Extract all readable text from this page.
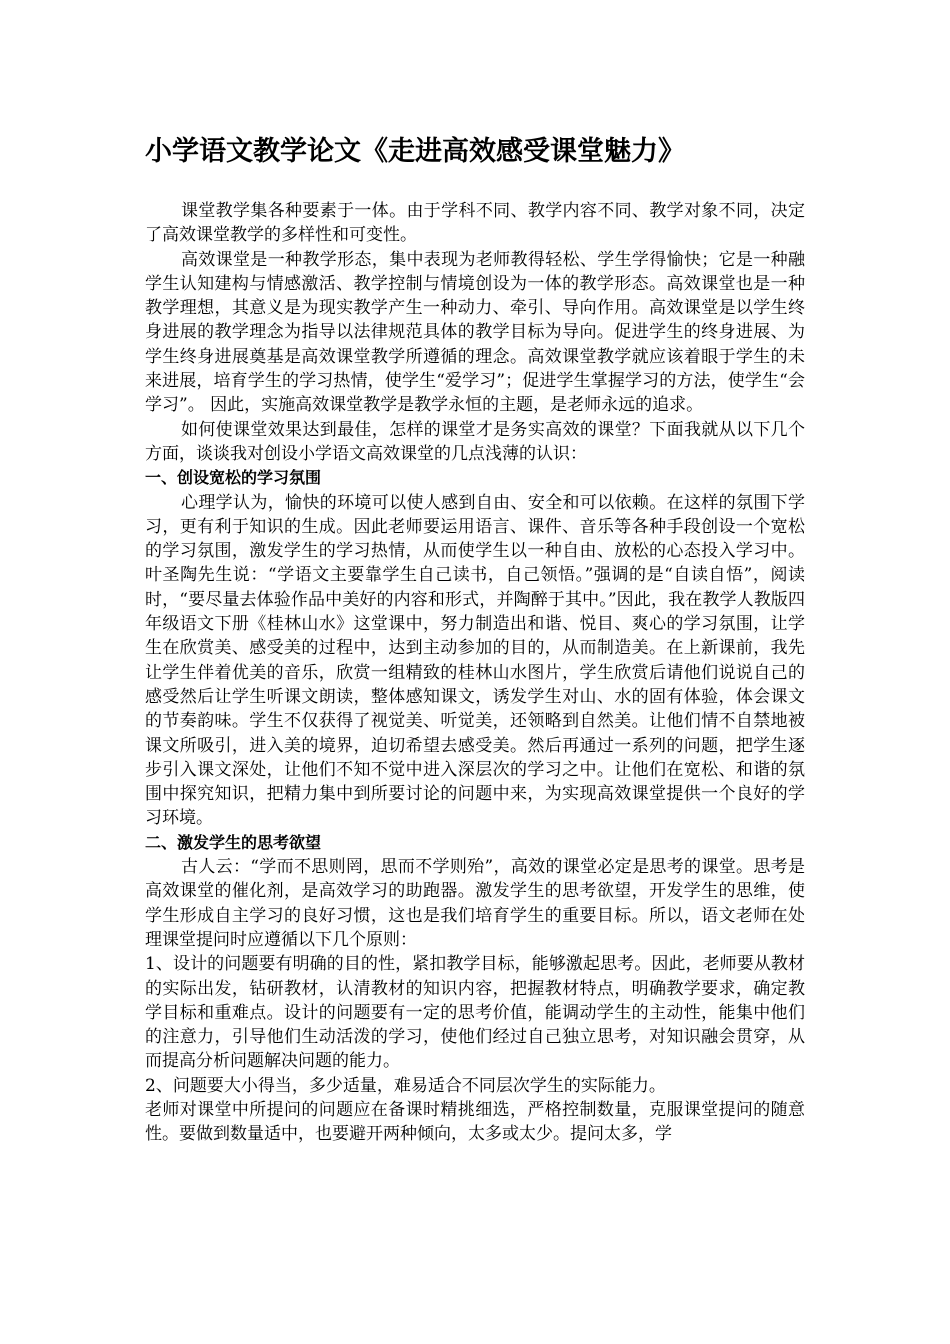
小学语文教学论文《走进高效感受课堂魅力》

课堂教学集各种要素于一体。由于学科不同、教学内容不同、教学对象不同，决定了高效课堂教学的多样性和可变性。

高效课堂是一种教学形态，集中表现为老师教得轻松、学生学得愉快；它是一种融学生认知建构与情感激活、教学控制与情境创设为一体的教学形态。高效课堂也是一种教学理想，其意义是为现实教学产生一种动力、牵引、导向作用。高效课堂是以学生终身进展的教学理念为指导以法律规范具体的教学目标为导向。促进学生的终身进展、为学生终身进展奠基是高效课堂教学所遵循的理念。高效课堂教学就应该着眼于学生的未来进展，培育学生的学习热情，使学生“爱学习”；促进学生掌握学习的方法，使学生“会学习”。 因此，实施高效课堂教学是教学永恒的主题，是老师永远的追求。

如何使课堂效果达到最佳，怎样的课堂才是务实高效的课堂？下面我就从以下几个方面，谈谈我对创设小学语文高效课堂的几点浅薄的认识：

一、创设宽松的学习氛围

心理学认为，愉快的环境可以使人感到自由、安全和可以依赖。在这样的氛围下学习，更有利于知识的生成。因此老师要运用语言、课件、音乐等各种手段创设一个宽松的学习氛围，激发学生的学习热情，从而使学生以一种自由、放松的心态投入学习中。叶圣陶先生说：“学语文主要靠学生自己读书，自己领悟。”强调的是“自读自悟”，阅读时，“要尽量去体验作品中美好的内容和形式，并陶醉于其中。”因此，我在教学人教版四年级语文下册《桂林山水》这堂课中，努力制造出和谐、悦目、爽心的学习氛围，让学生在欣赏美、感受美的过程中，达到主动参加的目的，从而制造美。在上新课前，我先让学生伴着优美的音乐，欣赏一组精致的桂林山水图片，学生欣赏后请他们说说自己的感受然后让学生听课文朗读，整体感知课文，诱发学生对山、水的固有体验，体会课文的节奏韵味。学生不仅获得了视觉美、听觉美，还领略到自然美。让他们情不自禁地被课文所吸引，进入美的境界，迫切希望去感受美。然后再通过一系列的问题，把学生逐步引入课文深处，让他们不知不觉中进入深层次的学习之中。让他们在宽松、和谐的氛围中探究知识，把精力集中到所要讨论的问题中来，为实现高效课堂提供一个良好的学习环境。

二、激发学生的思考欲望

古人云：“学而不思则罔，思而不学则殆”，高效的课堂必定是思考的课堂。思考是高效课堂的催化剂，是高效学习的助跑器。激发学生的思考欲望，开发学生的思维，使学生形成自主学习的良好习惯，这也是我们培育学生的重要目标。所以，语文老师在处理课堂提问时应遵循以下几个原则：

1、设计的问题要有明确的目的性，紧扣教学目标，能够激起思考。因此，老师要从教材的实际出发，钻研教材，认清教材的知识内容，把握教材特点，明确教学要求，确定教学目标和重难点。设计的问题要有一定的思考价值，能调动学生的主动性，能集中他们的注意力，引导他们生动活泼的学习，使他们经过自己独立思考，对知识融会贯穿，从而提高分析问题解决问题的能力。

2、问题要大小得当，多少适量，难易适合不同层次学生的实际能力。

老师对课堂中所提问的问题应在备课时精挑细选，严格控制数量，克服课堂提问的随意性。要做到数量适中，也要避开两种倾向，太多或太少。提问太多，学
